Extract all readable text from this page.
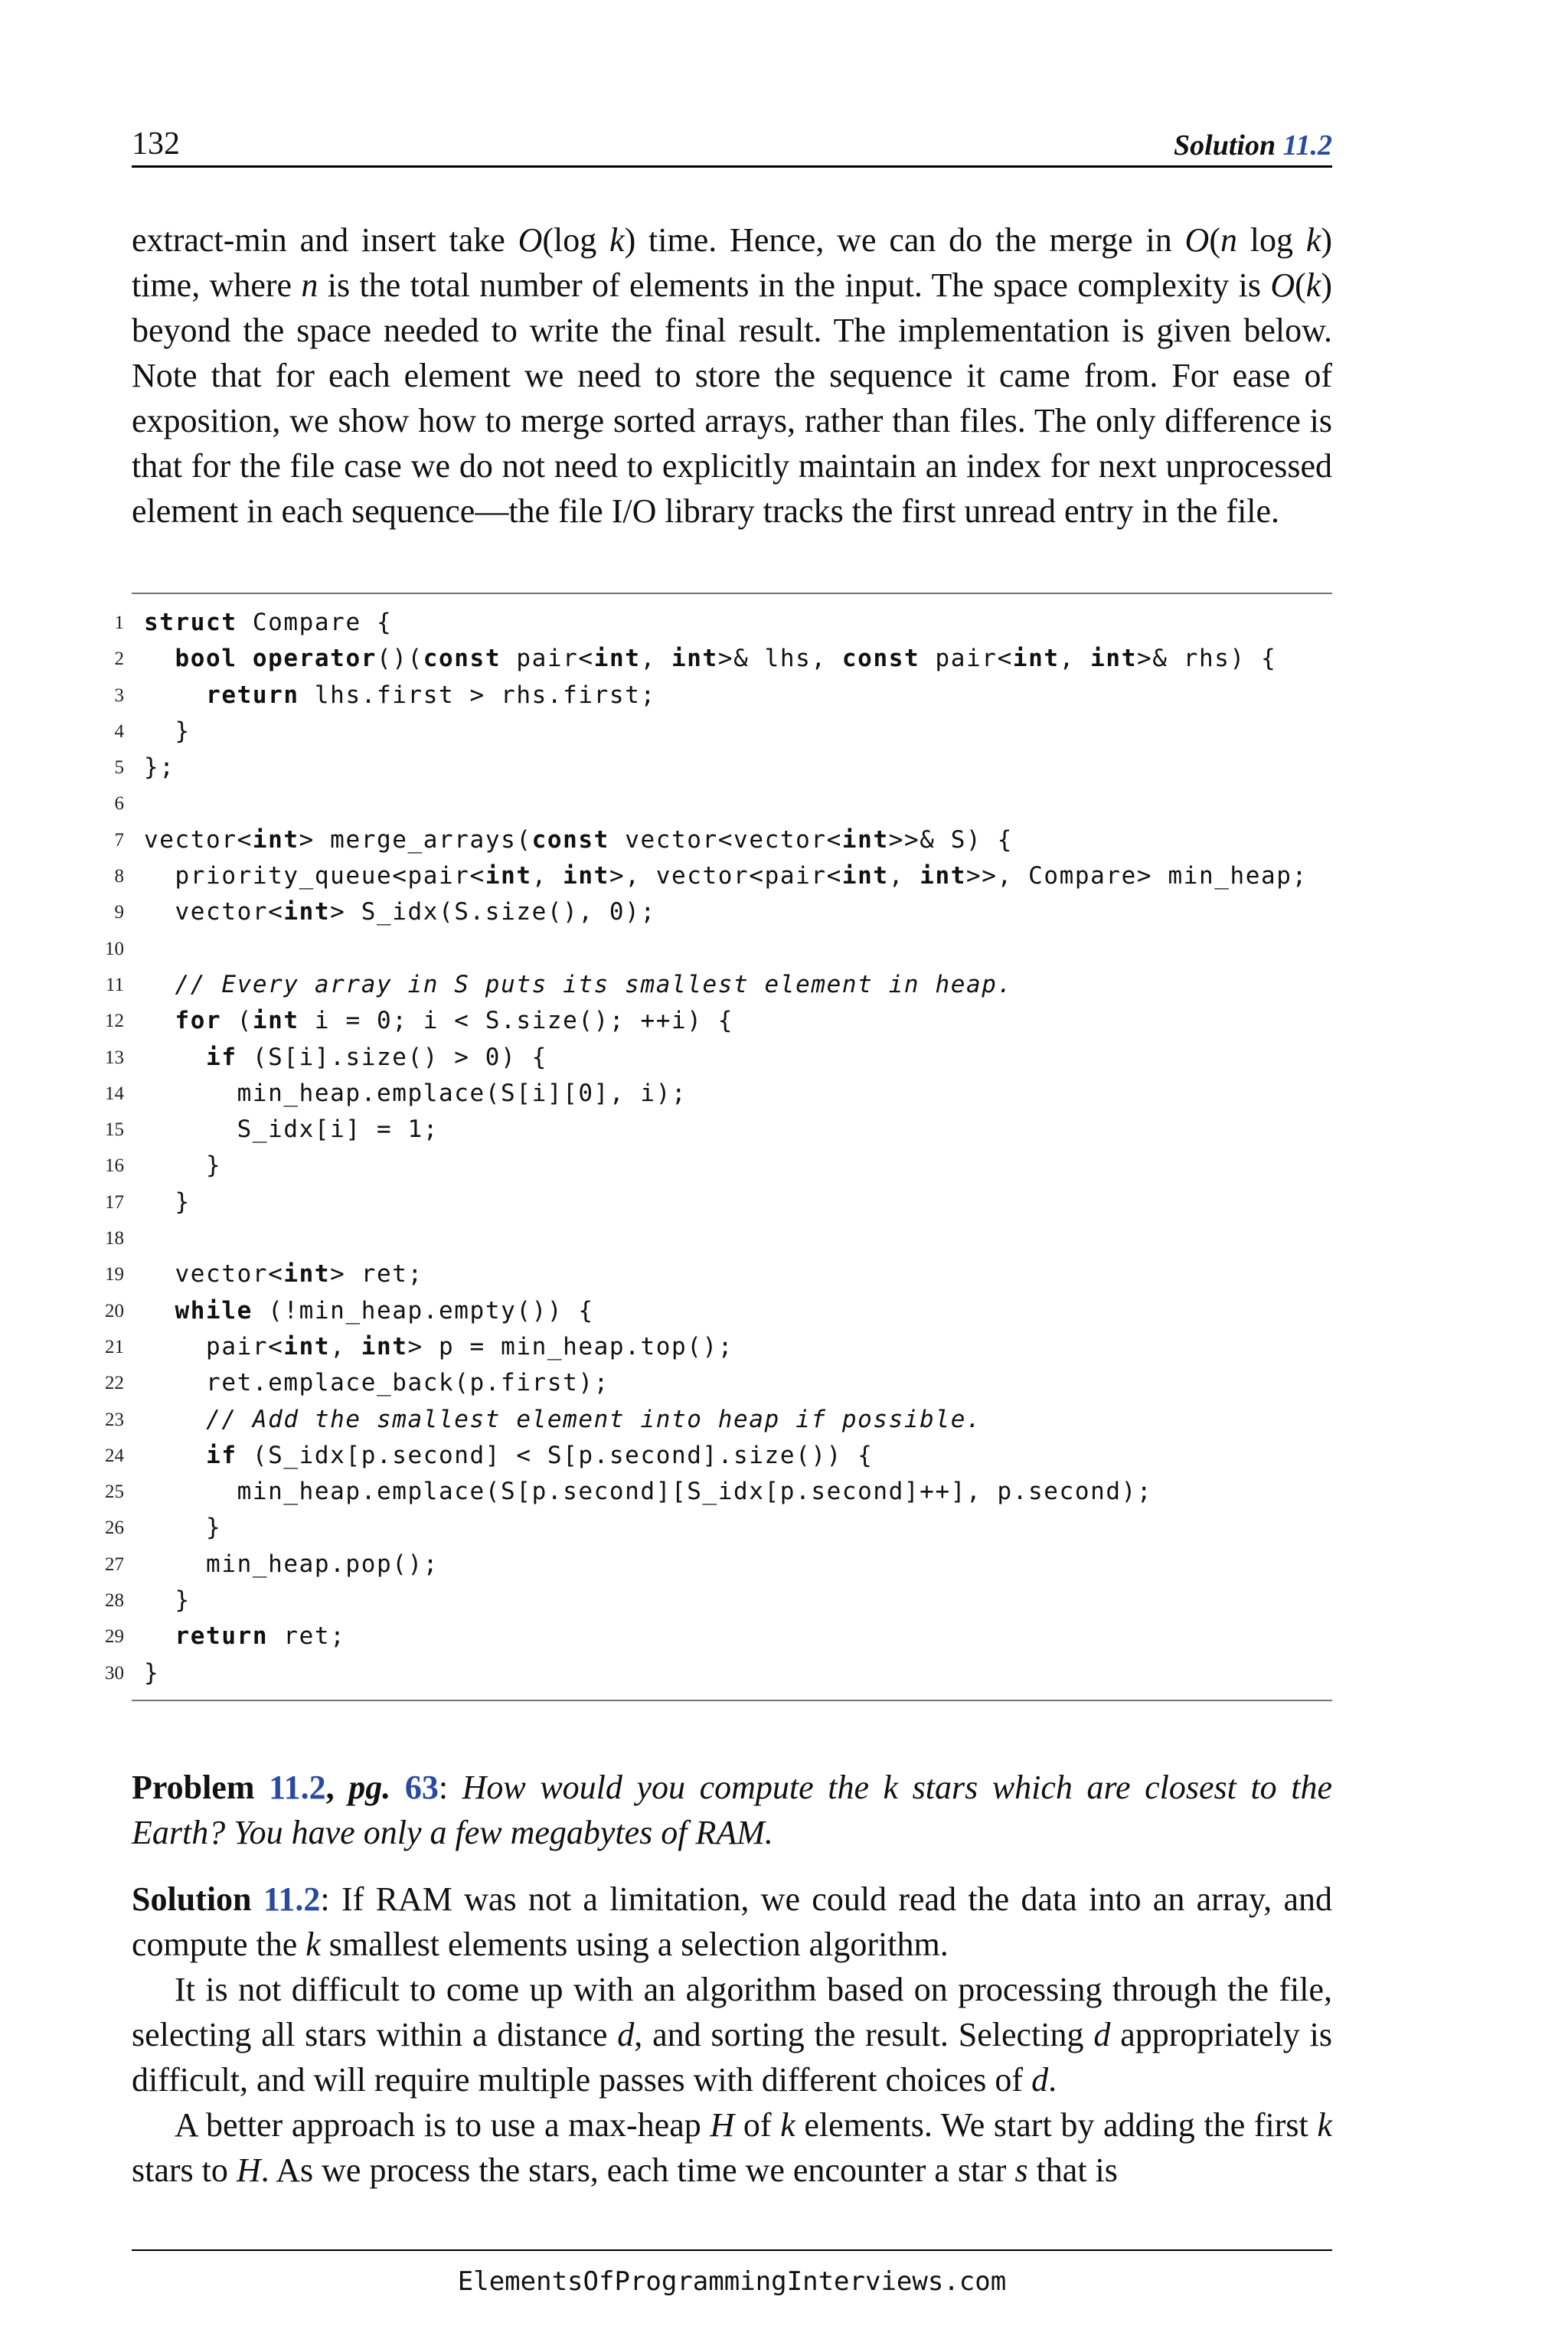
132	Solution 11.2

extract-min and insert take O(log k) time. Hence, we can do the merge in O(n log k) time, where n is the total number of elements in the input. The space complexity is O(k) beyond the space needed to write the final result. The implementation is given below. Note that for each element we need to store the sequence it came from. For ease of exposition, we show how to merge sorted arrays, rather than files. The only difference is that for the file case we do not need to explicitly maintain an index for next unprocessed element in each sequence—the file I/O library tracks the first unread entry in the file.

1 struct Compare {
2	bool operator()(const pair<int, int>& lhs, const pair<int, int>& rhs) {
3	return lhs.first > rhs.first;
4 }
5 };
6
7 vector<int> merge_arrays(const vector<vector<int>>& S) {
8 priority_queue<pair<int, int>, vector<pair<int, int>>, Compare> min_heap;
9 vector<int> S_idx(S.size(), 0);
10
11	// Every array in S puts its smallest element in heap.
12	for (int i = 0; i < S.size(); ++i) {
13	if (S[i].size() > 0) {
14 min_heap.emplace(S[i][0], i);
15 S_idx[i] = 1;
16 }
17 }
18
19 vector<int> ret;
20	while (!min_heap.empty()) {
21 pair<int, int> p = min_heap.top();
22 ret.emplace_back(p.first);
23	// Add the smallest element into heap if possible.
24	if (S_idx[p.second] < S[p.second].size()) {
25 min_heap.emplace(S[p.second][S_idx[p.second]++], p.second);
26 }
27 min_heap.pop();
28 }
29	return ret;
30 }

Problem 11.2, pg. 63: How would you compute the k stars which are closest to the Earth? You have only a few megabytes of RAM.

Solution 11.2: If RAM was not a limitation, we could read the data into an array, and compute the k smallest elements using a selection algorithm.

It is not difficult to come up with an algorithm based on processing through the file, selecting all stars within a distance d, and sorting the result. Selecting d appropriately is difficult, and will require multiple passes with different choices of d.

A better approach is to use a max-heap H of k elements. We start by adding the first k stars to H. As we process the stars, each time we encounter a star s that is

ElementsOfProgrammingInterviews.com
